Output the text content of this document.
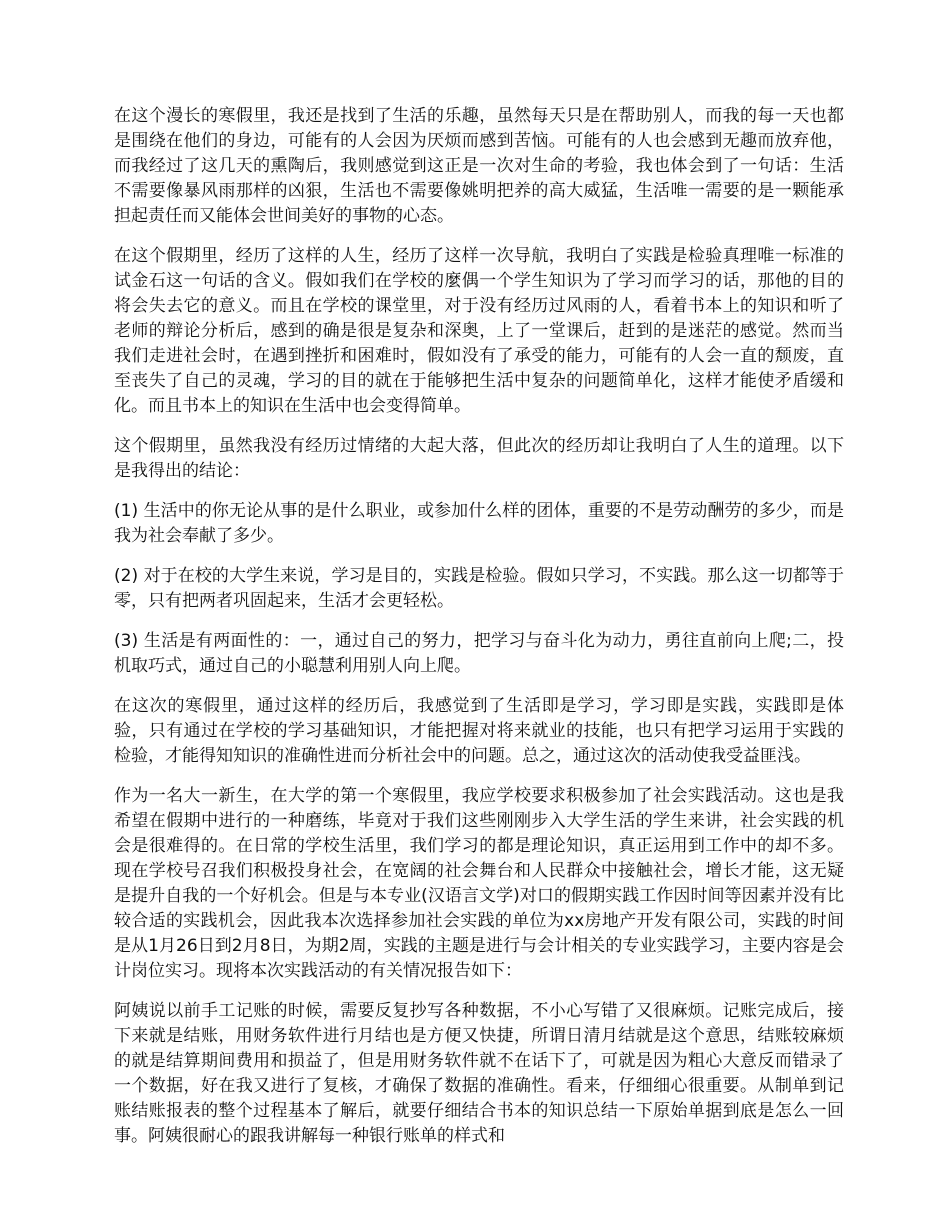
在这个漫长的寒假里，我还是找到了生活的乐趣，虽然每天只是在帮助别人，而我的每一天也都是围绕在他们的身边，可能有的人会因为厌烦而感到苦恼。可能有的人也会感到无趣而放弃他，而我经过了这几天的熏陶后，我则感觉到这正是一次对生命的考验，我也体会到了一句话：生活不需要像暴风雨那样的凶狠，生活也不需要像姚明把养的高大威猛，生活唯一需要的是一颗能承担起责任而又能体会世间美好的事物的心态。

在这个假期里，经历了这样的人生，经历了这样一次导航，我明白了实践是检验真理唯一标准的试金石这一句话的含义。假如我们在学校的麼偶一个学生知识为了学习而学习的话，那他的目的将会失去它的意义。而且在学校的课堂里，对于没有经历过风雨的人，看着书本上的知识和听了老师的辩论分析后，感到的确是很是复杂和深奥，上了一堂课后，赶到的是迷茫的感觉。然而当我们走进社会时，在遇到挫折和困难时，假如没有了承受的能力，可能有的人会一直的颓废，直至丧失了自己的灵魂，学习的目的就在于能够把生活中复杂的问题简单化，这样才能使矛盾缓和化。而且书本上的知识在生活中也会变得简单。

这个假期里，虽然我没有经历过情绪的大起大落，但此次的经历却让我明白了人生的道理。以下是我得出的结论：

(1) 生活中的你无论从事的是什么职业，或参加什么样的团体，重要的不是劳动酬劳的多少，而是我为社会奉献了多少。

(2) 对于在校的大学生来说，学习是目的，实践是检验。假如只学习，不实践。那么这一切都等于零，只有把两者巩固起来，生活才会更轻松。

(3) 生活是有两面性的：一，通过自己的努力，把学习与奋斗化为动力，勇往直前向上爬;二，投机取巧式，通过自己的小聪慧利用别人向上爬。

在这次的寒假里，通过这样的经历后，我感觉到了生活即是学习，学习即是实践，实践即是体验，只有通过在学校的学习基础知识，才能把握对将来就业的技能，也只有把学习运用于实践的检验，才能得知知识的准确性进而分析社会中的问题。总之，通过这次的活动使我受益匪浅。

作为一名大一新生，在大学的第一个寒假里，我应学校要求积极参加了社会实践活动。这也是我希望在假期中进行的一种磨练，毕竟对于我们这些刚刚步入大学生活的学生来讲，社会实践的机会是很难得的。在日常的学校生活里，我们学习的都是理论知识，真正运用到工作中的却不多。现在学校号召我们积极投身社会，在宽阔的社会舞台和人民群众中接触社会，增长才能，这无疑是提升自我的一个好机会。但是与本专业(汉语言文学)对口的假期实践工作因时间等因素并没有比较合适的实践机会，因此我本次选择参加社会实践的单位为xx房地产开发有限公司，实践的时间是从1月26日到2月8日，为期2周，实践的主题是进行与会计相关的专业实践学习，主要内容是会计岗位实习。现将本次实践活动的有关情况报告如下：

阿姨说以前手工记账的时候，需要反复抄写各种数据，不小心写错了又很麻烦。记账完成后，接下来就是结账，用财务软件进行月结也是方便又快捷，所谓日清月结就是这个意思，结账较麻烦的就是结算期间费用和损益了，但是用财务软件就不在话下了，可就是因为粗心大意反而错录了一个数据，好在我又进行了复核，才确保了数据的准确性。看来，仔细细心很重要。从制单到记账结账报表的整个过程基本了解后，就要仔细结合书本的知识总结一下原始单据到底是怎么一回事。阿姨很耐心的跟我讲解每一种银行账单的样式和
